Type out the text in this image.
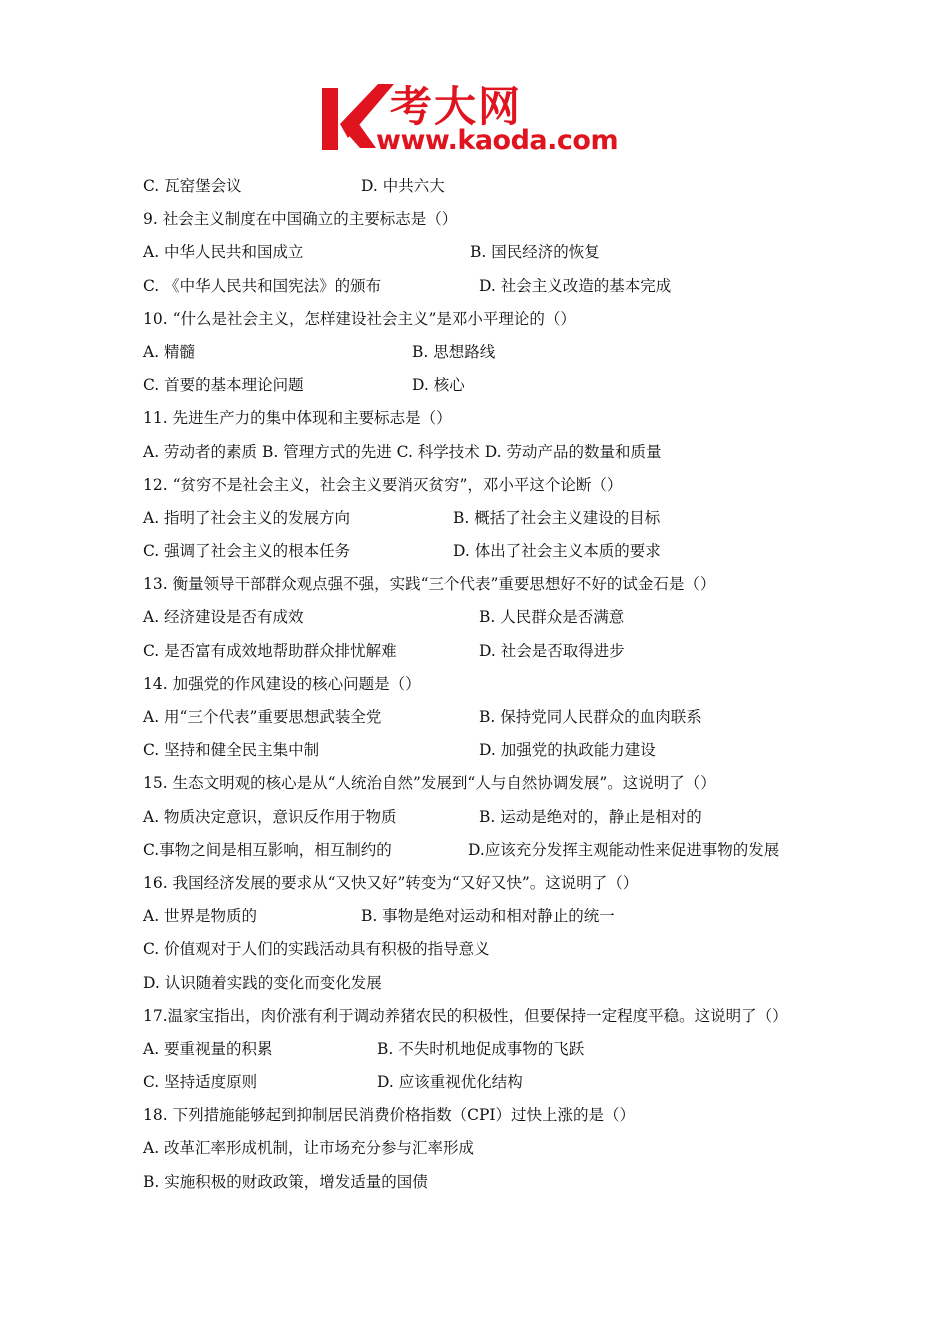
考大网
www.kaoda.com
C. 瓦窑堡会议	D. 中共六大
9. 社会主义制度在中国确立的主要标志是（）
A. 中华人民共和国成立	B. 国民经济的恢复
C. 《中华人民共和国宪法》的颁布	D. 社会主义改造的基本完成
10. “什么是社会主义，怎样建设社会主义”是邓小平理论的（）
A. 精髓	B. 思想路线
C. 首要的基本理论问题	D. 核心
11. 先进生产力的集中体现和主要标志是（）
A. 劳动者的素质 B. 管理方式的先进 C. 科学技术 D. 劳动产品的数量和质量
12. “贫穷不是社会主义，社会主义要消灭贫穷”，邓小平这个论断（）
A. 指明了社会主义的发展方向	B. 概括了社会主义建设的目标
C. 强调了社会主义的根本任务	D. 体出了社会主义本质的要求
13. 衡量领导干部群众观点强不强，实践“三个代表”重要思想好不好的试金石是（）
A. 经济建设是否有成效	B. 人民群众是否满意
C. 是否富有成效地帮助群众排忧解难	D. 社会是否取得进步
14. 加强党的作风建设的核心问题是（）
A. 用“三个代表”重要思想武装全党	B. 保持党同人民群众的血肉联系
C. 坚持和健全民主集中制	D. 加强党的执政能力建设
15. 生态文明观的核心是从“人统治自然”发展到“人与自然协调发展”。这说明了（）
A. 物质决定意识，意识反作用于物质	B. 运动是绝对的，静止是相对的
C.事物之间是相互影响，相互制约的	D.应该充分发挥主观能动性来促进事物的发展
16. 我国经济发展的要求从“又快又好”转变为“又好又快”。这说明了（）
A. 世界是物质的	B. 事物是绝对运动和相对静止的统一
C. 价值观对于人们的实践活动具有积极的指导意义
D. 认识随着实践的变化而变化发展
17.温家宝指出，肉价涨有利于调动养猪农民的积极性，但要保持一定程度平稳。这说明了（）
A. 要重视量的积累	B. 不失时机地促成事物的飞跃
C. 坚持适度原则	D. 应该重视优化结构
18. 下列措施能够起到抑制居民消费价格指数（CPI）过快上涨的是（）
A. 改革汇率形成机制，让市场充分参与汇率形成
B. 实施积极的财政政策，增发适量的国债
